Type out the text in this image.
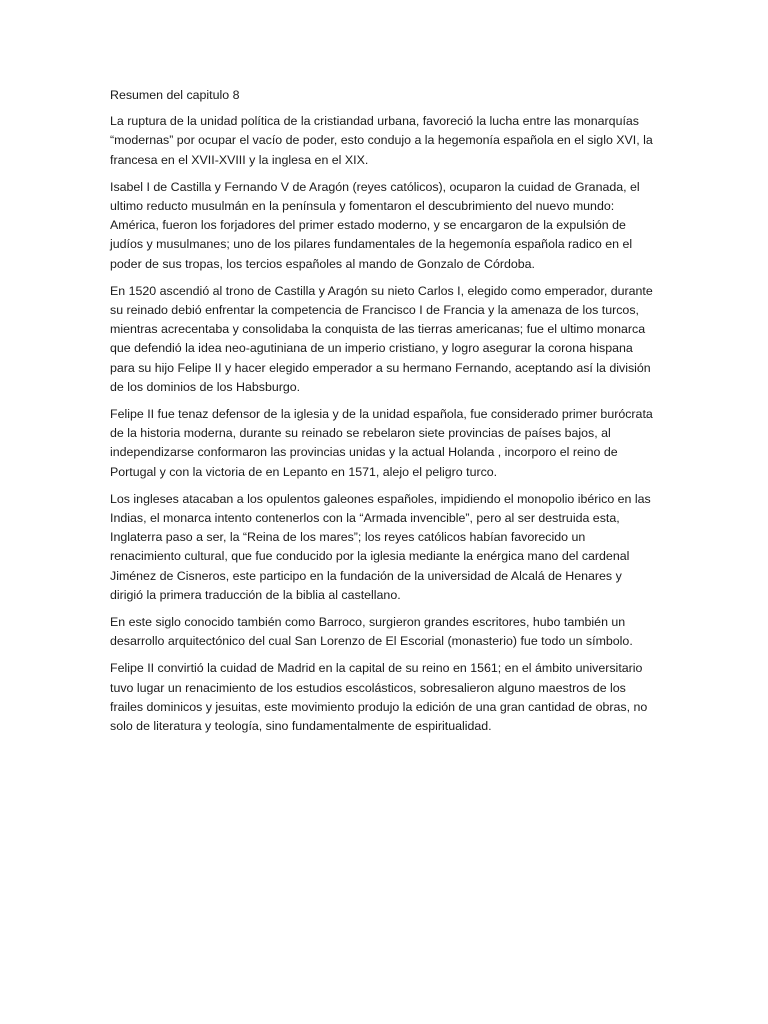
Resumen del capitulo 8

La ruptura de la unidad política de la cristiandad urbana, favoreció la lucha entre las monarquías “modernas” por ocupar el vacío de poder, esto condujo a la hegemonía española en el siglo XVI, la francesa en el XVII-XVIII y la inglesa en el XIX.

Isabel I de Castilla y Fernando V de Aragón (reyes católicos), ocuparon la cuidad de Granada, el ultimo reducto musulmán en la península y fomentaron el descubrimiento del nuevo mundo: América, fueron los forjadores del primer estado moderno, y se encargaron de la expulsión de judíos y musulmanes; uno de los pilares fundamentales de la hegemonía española radico en el poder de sus tropas, los tercios españoles al mando de Gonzalo de Córdoba.

En 1520 ascendió al trono de Castilla y Aragón su nieto Carlos I, elegido como emperador, durante su reinado debió enfrentar la competencia de Francisco I de Francia y la amenaza de los turcos, mientras acrecentaba y consolidaba la conquista de las tierras americanas; fue el ultimo monarca que defendió la idea neo-agutiniana de un imperio cristiano, y logro asegurar la corona hispana para su hijo Felipe II y hacer elegido emperador a su hermano Fernando, aceptando así la división de los dominios de los Habsburgo.

Felipe II fue tenaz defensor de la iglesia y de la unidad española, fue considerado primer burócrata de la historia moderna, durante su reinado se rebelaron siete provincias de países bajos, al independizarse conformaron las provincias unidas y la actual Holanda , incorporo el reino de Portugal y con la victoria de en Lepanto en 1571, alejo el peligro turco.

Los ingleses atacaban a los opulentos galeones españoles, impidiendo el monopolio ibérico en las Indias, el monarca intento contenerlos con la “Armada invencible”, pero al ser destruida esta, Inglaterra paso a ser, la “Reina de los mares”; los reyes católicos habían favorecido un renacimiento cultural, que fue conducido por la iglesia mediante la enérgica mano del cardenal Jiménez de Cisneros, este participo en la fundación de la universidad de Alcalá de Henares y dirigió la primera traducción de la biblia al castellano.

En este siglo conocido también como Barroco, surgieron grandes escritores, hubo también un desarrollo arquitectónico del cual San Lorenzo de El Escorial (monasterio) fue todo un símbolo.

Felipe II convirtió la cuidad de Madrid en la capital de su reino en 1561; en el ámbito universitario tuvo lugar un renacimiento de los estudios escolásticos, sobresalieron alguno maestros de los frailes dominicos y jesuitas, este movimiento produjo la edición de una gran cantidad de obras, no solo de literatura y teología, sino fundamentalmente de espiritualidad.
